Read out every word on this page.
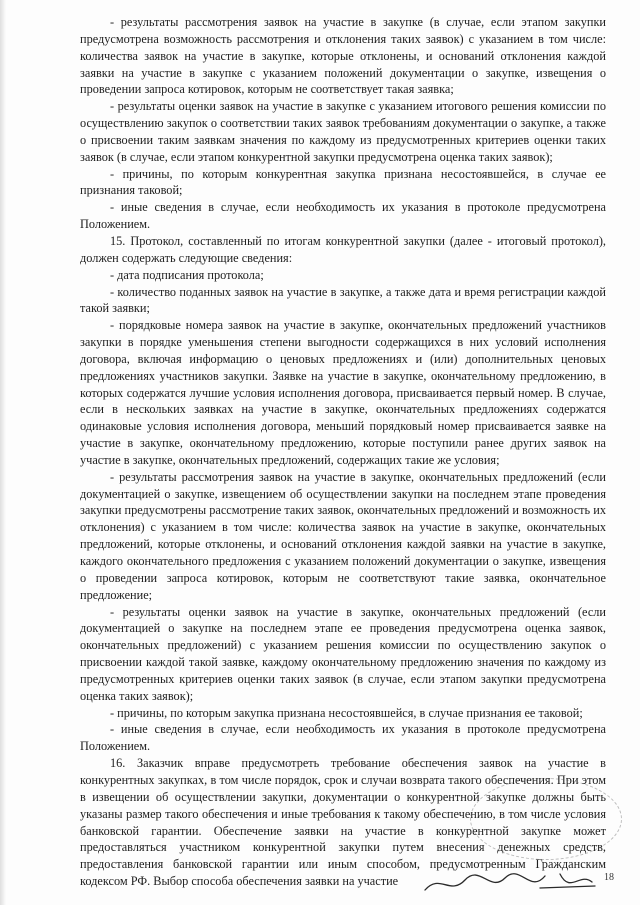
- результаты рассмотрения заявок на участие в закупке (в случае, если этапом закупки предусмотрена возможность рассмотрения и отклонения таких заявок) с указанием в том числе: количества заявок на участие в закупке, которые отклонены, и оснований отклонения каждой заявки на участие в закупке с указанием положений документации о закупке, извещения о проведении запроса котировок, которым не соответствует такая заявка;

- результаты оценки заявок на участие в закупке с указанием итогового решения комиссии по осуществлению закупок о соответствии таких заявок требованиям документации о закупке, а также о присвоении таким заявкам значения по каждому из предусмотренных критериев оценки таких заявок (в случае, если этапом конкурентной закупки предусмотрена оценка таких заявок);

- причины, по которым конкурентная закупка признана несостоявшейся, в случае ее признания таковой;

- иные сведения в случае, если необходимость их указания в протоколе предусмотрена Положением.

15. Протокол, составленный по итогам конкурентной закупки (далее - итоговый протокол), должен содержать следующие сведения:

- дата подписания протокола;

- количество поданных заявок на участие в закупке, а также дата и время регистрации каждой такой заявки;

- порядковые номера заявок на участие в закупке, окончательных предложений участников закупки в порядке уменьшения степени выгодности содержащихся в них условий исполнения договора, включая информацию о ценовых предложениях и (или) дополнительных ценовых предложениях участников закупки. Заявке на участие в закупке, окончательному предложению, в которых содержатся лучшие условия исполнения договора, присваивается первый номер. В случае, если в нескольких заявках на участие в закупке, окончательных предложениях содержатся одинаковые условия исполнения договора, меньший порядковый номер присваивается заявке на участие в закупке, окончательному предложению, которые поступили ранее других заявок на участие в закупке, окончательных предложений, содержащих такие же условия;

- результаты рассмотрения заявок на участие в закупке, окончательных предложений (если документацией о закупке, извещением об осуществлении закупки на последнем этапе проведения закупки предусмотрены рассмотрение таких заявок, окончательных предложений и возможность их отклонения) с указанием в том числе: количества заявок на участие в закупке, окончательных предложений, которые отклонены, и оснований отклонения каждой заявки на участие в закупке, каждого окончательного предложения с указанием положений документации о закупке, извещения о проведении запроса котировок, которым не соответствуют такие заявка, окончательное предложение;

- результаты оценки заявок на участие в закупке, окончательных предложений (если документацией о закупке на последнем этапе ее проведения предусмотрена оценка заявок, окончательных предложений) с указанием решения комиссии по осуществлению закупок о присвоении каждой такой заявке, каждому окончательному предложению значения по каждому из предусмотренных критериев оценки таких заявок (в случае, если этапом закупки предусмотрена оценка таких заявок);

- причины, по которым закупка признана несостоявшейся, в случае признания ее таковой;

- иные сведения в случае, если необходимость их указания в протоколе предусмотрена Положением.

16. Заказчик вправе предусмотреть требование обеспечения заявок на участие в конкурентных закупках, в том числе порядок, срок и случаи возврата такого обеспечения. При этом в извещении об осуществлении закупки, документации о конкурентной закупке должны быть указаны размер такого обеспечения и иные требования к такому обеспечению, в том числе условия банковской гарантии. Обеспечение заявки на участие в конкурентной закупке может предоставляться участником конкурентной закупки путем внесения денежных средств, предоставления банковской гарантии или иным способом, предусмотренным Гражданским кодексом РФ. Выбор способа обеспечения заявки на участие	18
